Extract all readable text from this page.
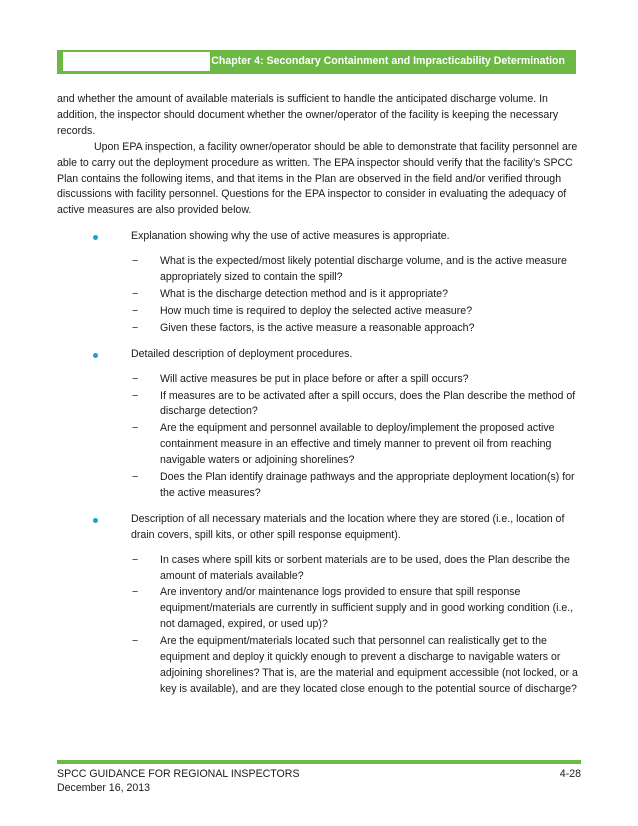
Chapter 4: Secondary Containment and Impracticability Determination

and whether the amount of available materials is sufficient to handle the anticipated discharge volume. In addition, the inspector should document whether the owner/operator of the facility is keeping the necessary records.

Upon EPA inspection, a facility owner/operator should be able to demonstrate that facility personnel are able to carry out the deployment procedure as written. The EPA inspector should verify that the facility’s SPCC Plan contains the following items, and that items in the Plan are observed in the field and/or verified through discussions with facility personnel. Questions for the EPA inspector to consider in evaluating the adequacy of active measures are also provided below.

Explanation showing why the use of active measures is appropriate.
− What is the expected/most likely potential discharge volume, and is the active measure appropriately sized to contain the spill?
− What is the discharge detection method and is it appropriate?
− How much time is required to deploy the selected active measure?
− Given these factors, is the active measure a reasonable approach?
Detailed description of deployment procedures.
− Will active measures be put in place before or after a spill occurs?
− If measures are to be activated after a spill occurs, does the Plan describe the method of discharge detection?
− Are the equipment and personnel available to deploy/implement the proposed active containment measure in an effective and timely manner to prevent oil from reaching navigable waters or adjoining shorelines?
− Does the Plan identify drainage pathways and the appropriate deployment location(s) for the active measures?
Description of all necessary materials and the location where they are stored (i.e., location of drain covers, spill kits, or other spill response equipment).
− In cases where spill kits or sorbent materials are to be used, does the Plan describe the amount of materials available?
− Are inventory and/or maintenance logs provided to ensure that spill response equipment/materials are currently in sufficient supply and in good working condition (i.e., not damaged, expired, or used up)?
− Are the equipment/materials located such that personnel can realistically get to the equipment and deploy it quickly enough to prevent a discharge to navigable waters or adjoining shorelines? That is, are the material and equipment accessible (not locked, or a key is available), and are they located close enough to the potential source of discharge?
SPCC GUIDANCE FOR REGIONAL INSPECTORS
December 16, 2013
4-28
